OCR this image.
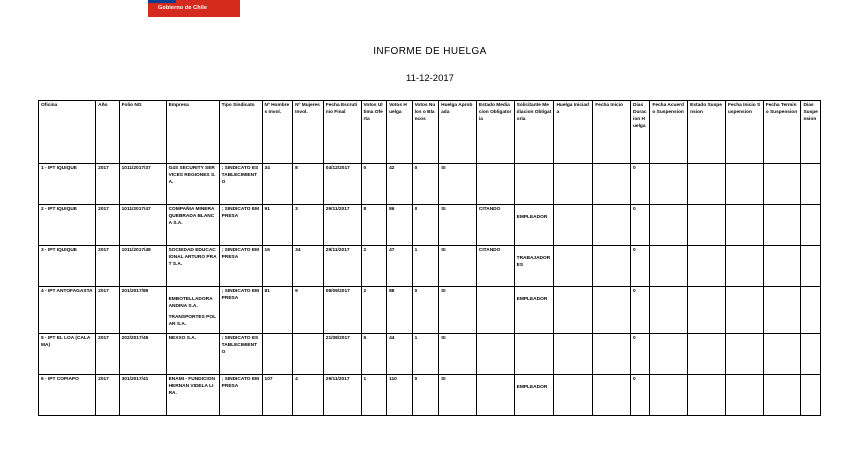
Gobierno de Chile
INFORME DE HUELGA
11-12-2017
Oficina	Año	Folio NG	Empresa	Tipo Sindicato	Nº Hombres Invol.	Nº Mujeres Invol.	Fecha Escrutinio Final	Votos Ultima Oferta	Votos Huelga	Votos Nulos o Blancos	Huelga Aprobada	Estado Mediacion Obligatoria	Solicitante Mediacion Obligatoria	Huelga Iniciada	Fecha Inicio	Dias Duracion Huelga	Fecha Acuerdo Suspension	Estado Suspension	Fecha Inicio Suspension	Fecha Termino Suspension	Dias Suspension
1 - IPT IQUIQUE	2017	1011/2017/37	G4S SECURITY SERVICES REGIONES S.A.	; SINDICATO ESTABLECIMIENTO	34	8	04/12/2017	0	42	0	SI					0					
2 - IPT IQUIQUE	2017	1011/2017/47	COMPAÑIA MINERA QUEBRADA BLANCA S.A.	; SINDICATO EMPRESA	91	3	29/11/2017	8	86	0	SI	CITANDO	EMPLEADOR			0					
3 - IPT IQUIQUE	2017	1011/2017/48	SOCIEDAD EDUCACIONAL ARTURO PRAT S.A.	; SINDICATO EMPRESA	16	34	29/11/2017	2	47	1	SI	CITANDO	TRABAJADORES			0					
4 - IPT ANTOFAGASTA	2017	201/2017/89	EMBOTELLADORA ANDINA S.A.
TRANSPORTES POLAR S.A.	; SINDICATO EMPRESA	81	9	08/09/2017	2	88	0	SI		EMPLEADOR			0					
5 - IPT EL LOA (CALAMA)	2017	202/2017/45	NEXXO S.A.	; SINDICATO ESTABLECIMIENTO			21/08/2017	5	44	1	SI					0					
6 - IPT COPIAPO	2017	301/2017/41	ENAMI - FUNDICION HERNAN VIDELA LIRA.	; SINDICATO EMPRESA	107	4	29/11/2017	1	110	0	SI		EMPLEADOR			0					
